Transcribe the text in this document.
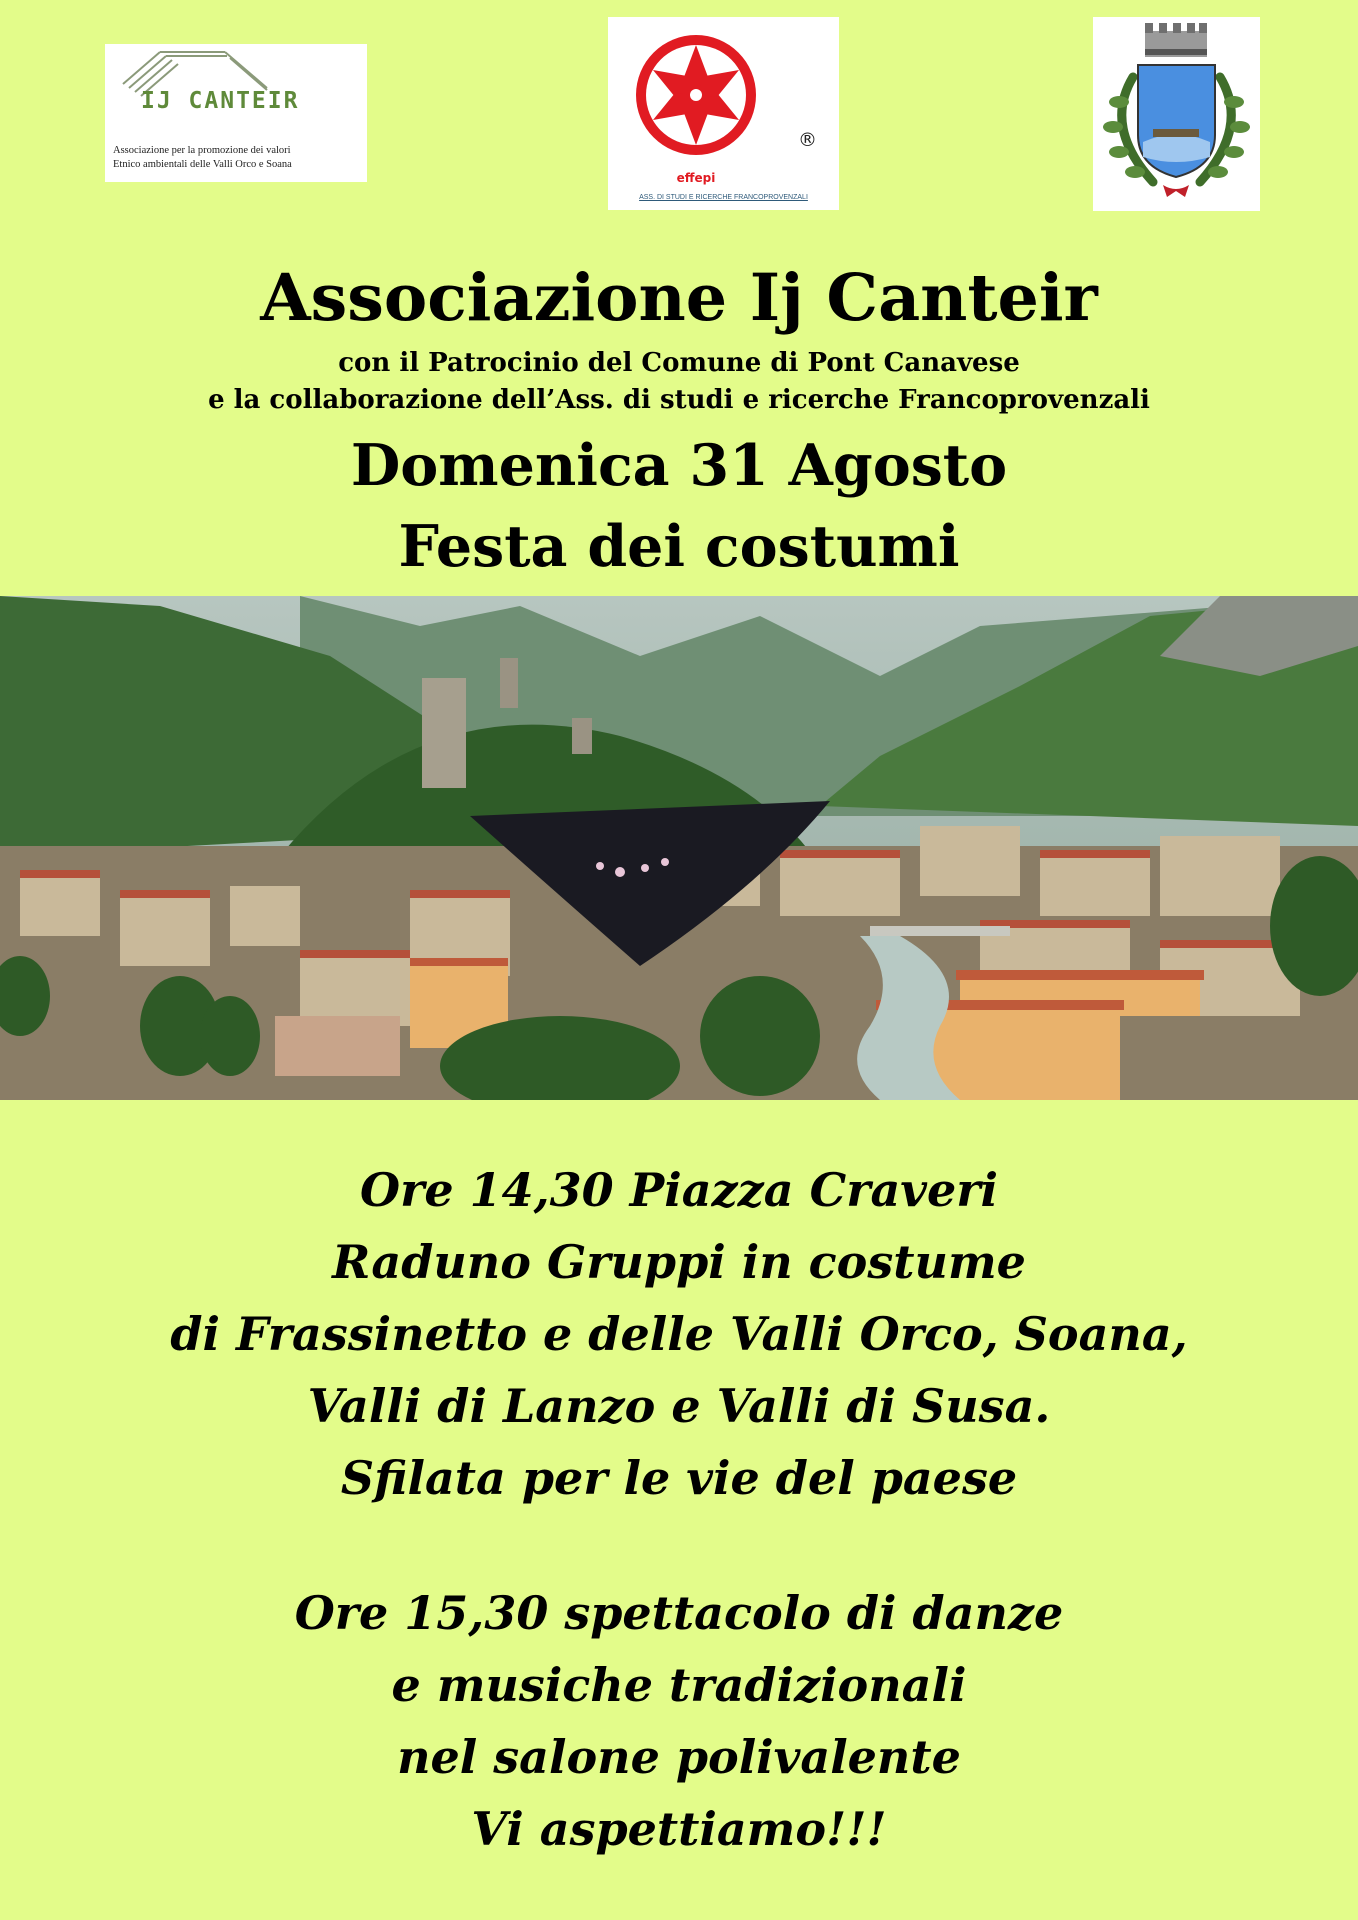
IJ CANTEIR
Associazione per la promozione dei valori
Etnico ambientali delle Valli Orco e Soana
®
effepi
ASS. DI STUDI E RICERCHE FRANCOPROVENZALI
Associazione Ij Canteir
con il Patrocinio del Comune di Pont Canavese
e la collaborazione dell’Ass. di studi e ricerche Francoprovenzali
Domenica 31 Agosto
Festa dei costumi
Ore 14,30 Piazza Craveri
Raduno Gruppi in costume
di Frassinetto e delle Valli Orco, Soana,
Valli di Lanzo e Valli di Susa.
Sfilata per le vie del paese
Ore 15,30 spettacolo di danze
e musiche tradizionali
nel salone polivalente
Vi aspettiamo!!!
